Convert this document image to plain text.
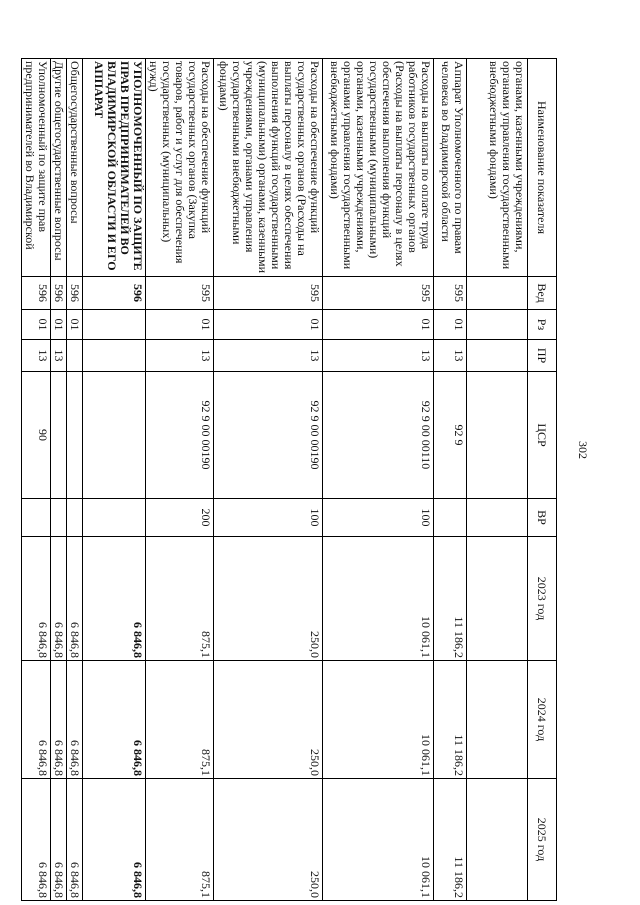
302
Наименование показателя	Вед	Рз	ПР	ЦСР	ВР	2023 год	2024 год	2025 год
органами, казенными учреждениями, органами управления государственными внебюджетными фондами)								
Аппарат Уполномоченного по правам человека во Владимирской области	595	01	13	92 9		11 186,2	11 186,2	11 186,2
Расходы на выплаты по оплате труда работников государственных органов (Расходы на выплаты персоналу в целях обеспечения выполнения функций государственными (муниципальными) органами, казенными учреждениями, органами управления государственными внебюджетными фондами)	595	01	13	92 9 00 00110	100	10 061,1	10 061,1	10 061,1
Расходы на обеспечение функций государственных органов (Расходы на выплаты персоналу в целях обеспечения выполнения функций государственными (муниципальными) органами, казенными учреждениями, органами управления государственными внебюджетными фондами)	595	01	13	92 9 00 00190	100	250,0	250,0	250,0
Расходы на обеспечение функций государственных органов (Закупка товаров, работ и услуг для обеспечения государственных (муниципальных) нужд)	595	01	13	92 9 00 00190	200	875,1	875,1	875,1
УПОЛНОМОЧЕННЫЙ ПО ЗАЩИТЕ ПРАВ ПРЕДПРИНИМАТЕЛЕЙ ВО ВЛАДИМИРСКОЙ ОБЛАСТИ И ЕГО АППАРАТ	596					6 846,8	6 846,8	6 846,8
Общегосударственные вопросы	596	01				6 846,8	6 846,8	6 846,8
Другие общегосударственные вопросы	596	01	13			6 846,8	6 846,8	6 846,8
Уполномоченный по защите прав предпринимателей во Владимирской	596	01	13	90		6 846,8	6 846,8	6 846,8
